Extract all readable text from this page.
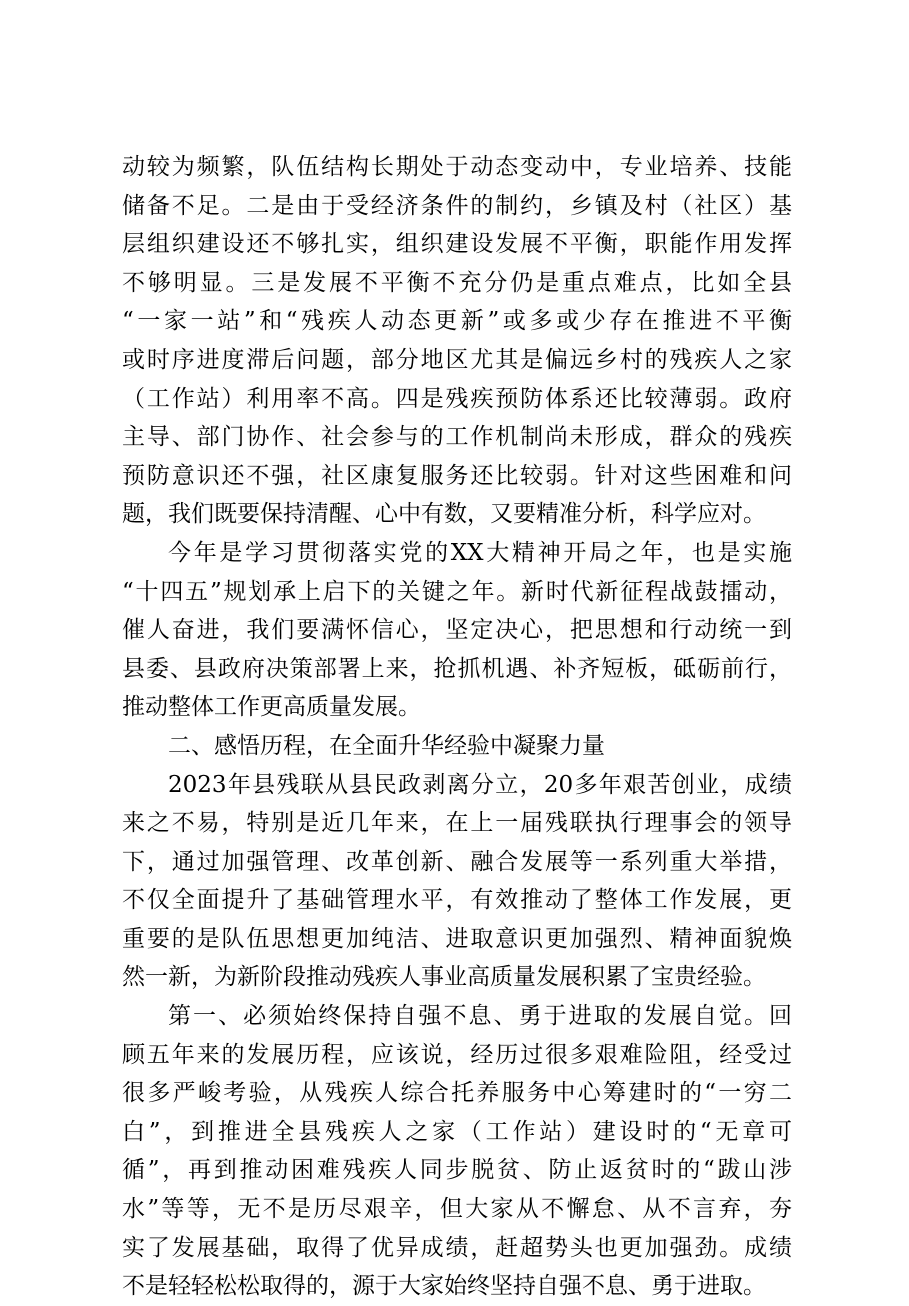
动较为频繁，队伍结构长期处于动态变动中，专业培养、技能
储备不足。二是由于受经济条件的制约，乡镇及村（社区）基
层组织建设还不够扎实，组织建设发展不平衡，职能作用发挥
不够明显。三是发展不平衡不充分仍是重点难点，比如全县
“一家一站”和“残疾人动态更新”或多或少存在推进不平衡
或时序进度滞后问题，部分地区尤其是偏远乡村的残疾人之家
（工作站）利用率不高。四是残疾预防体系还比较薄弱。政府
主导、部门协作、社会参与的工作机制尚未形成，群众的残疾
预防意识还不强，社区康复服务还比较弱。针对这些困难和问
题，我们既要保持清醒、心中有数，又要精准分析，科学应对。
今年是学习贯彻落实党的XX大精神开局之年，也是实施
“十四五”规划承上启下的关键之年。新时代新征程战鼓擂动，
催人奋进，我们要满怀信心，坚定决心，把思想和行动统一到
县委、县政府决策部署上来，抢抓机遇、补齐短板，砥砺前行，
推动整体工作更高质量发展。
二、感悟历程，在全面升华经验中凝聚力量
2023年县残联从县民政剥离分立，20多年艰苦创业，成绩
来之不易，特别是近几年来，在上一届残联执行理事会的领导
下，通过加强管理、改革创新、融合发展等一系列重大举措，
不仅全面提升了基础管理水平，有效推动了整体工作发展，更
重要的是队伍思想更加纯洁、进取意识更加强烈、精神面貌焕
然一新，为新阶段推动残疾人事业高质量发展积累了宝贵经验。
第一、必须始终保持自强不息、勇于进取的发展自觉。回
顾五年来的发展历程，应该说，经历过很多艰难险阻，经受过
很多严峻考验，从残疾人综合托养服务中心筹建时的“一穷二
白”，到推进全县残疾人之家（工作站）建设时的“无章可
循”，再到推动困难残疾人同步脱贫、防止返贫时的“跋山涉
水”等等，无不是历尽艰辛，但大家从不懈怠、从不言弃，夯
实了发展基础，取得了优异成绩，赶超势头也更加强劲。成绩
不是轻轻松松取得的，源于大家始终坚持自强不息、勇于进取。
